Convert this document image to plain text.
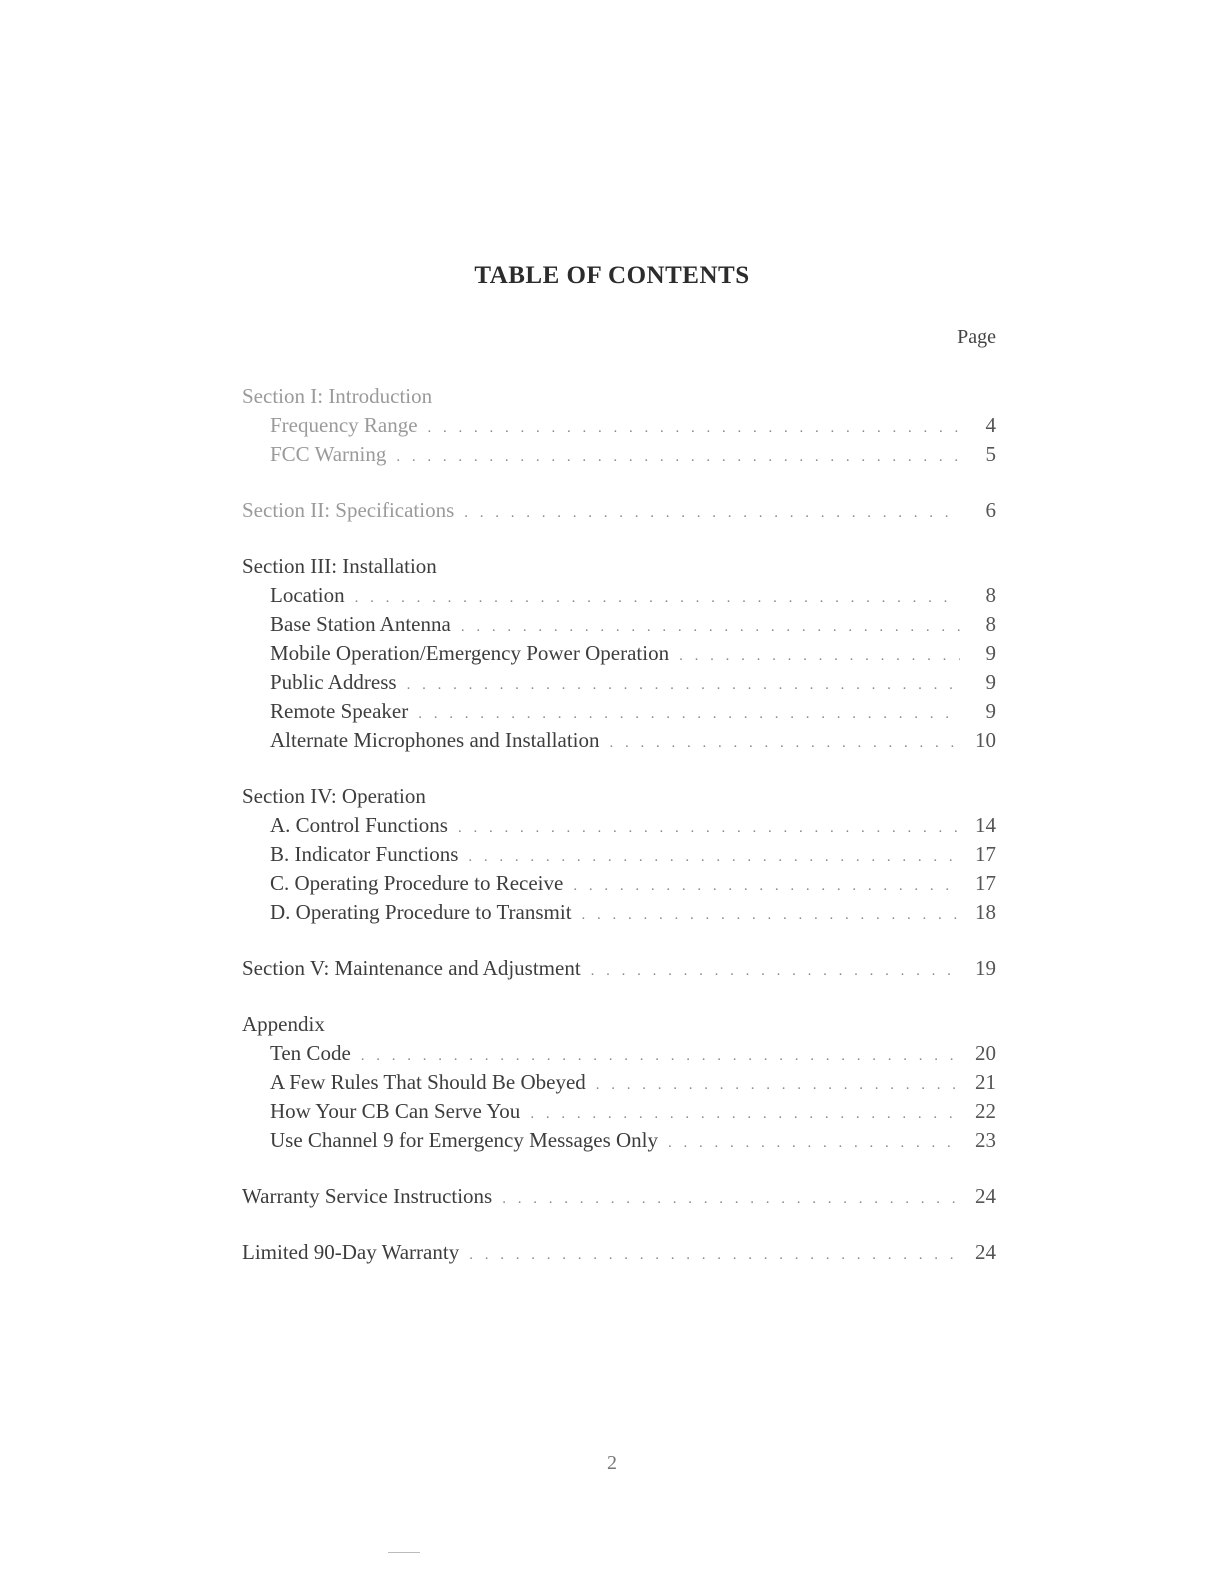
TABLE OF CONTENTS
Page
Section I: Introduction
Frequency Range . . .	4
FCC Warning . . .	5
Section II: Specifications . . .	6
Section III: Installation
Location . . .	8
Base Station Antenna . . .	8
Mobile Operation/Emergency Power Operation . . .	9
Public Address . . .	9
Remote Speaker . . .	9
Alternate Microphones and Installation . . .	10
Section IV: Operation
A. Control Functions . . .	14
B. Indicator Functions . . .	17
C. Operating Procedure to Receive . . .	17
D. Operating Procedure to Transmit . . .	18
Section V: Maintenance and Adjustment . . .	19
Appendix
Ten Code . . .	20
A Few Rules That Should Be Obeyed . . .	21
How Your CB Can Serve You . . .	22
Use Channel 9 for Emergency Messages Only . . .	23
Warranty Service Instructions . . .	24
Limited 90-Day Warranty . . .	24
2
